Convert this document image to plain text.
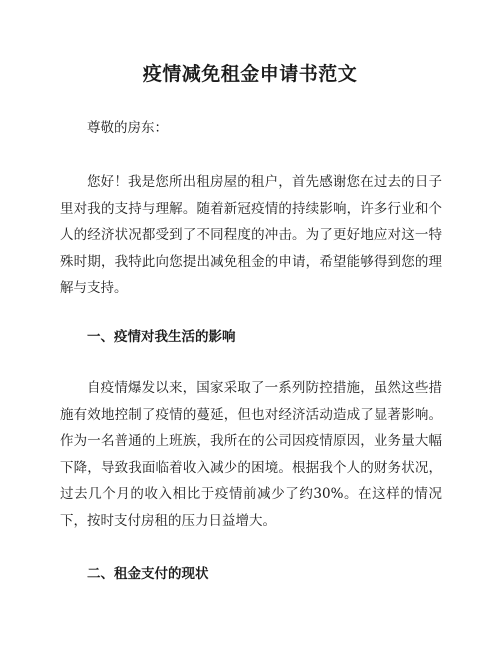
疫情减免租金申请书范文
尊敬的房东：

您好！我是您所出租房屋的租户，首先感谢您在过去的日子里对我的支持与理解。随着新冠疫情的持续影响，许多行业和个人的经济状况都受到了不同程度的冲击。为了更好地应对这一特殊时期，我特此向您提出减免租金的申请，希望能够得到您的理解与支持。

一、疫情对我生活的影响

自疫情爆发以来，国家采取了一系列防控措施，虽然这些措施有效地控制了疫情的蔓延，但也对经济活动造成了显著影响。作为一名普通的上班族，我所在的公司因疫情原因，业务量大幅下降，导致我面临着收入减少的困境。根据我个人的财务状况，过去几个月的收入相比于疫情前减少了约30%。在这样的情况下，按时支付房租的压力日益增大。

二、租金支付的现状
